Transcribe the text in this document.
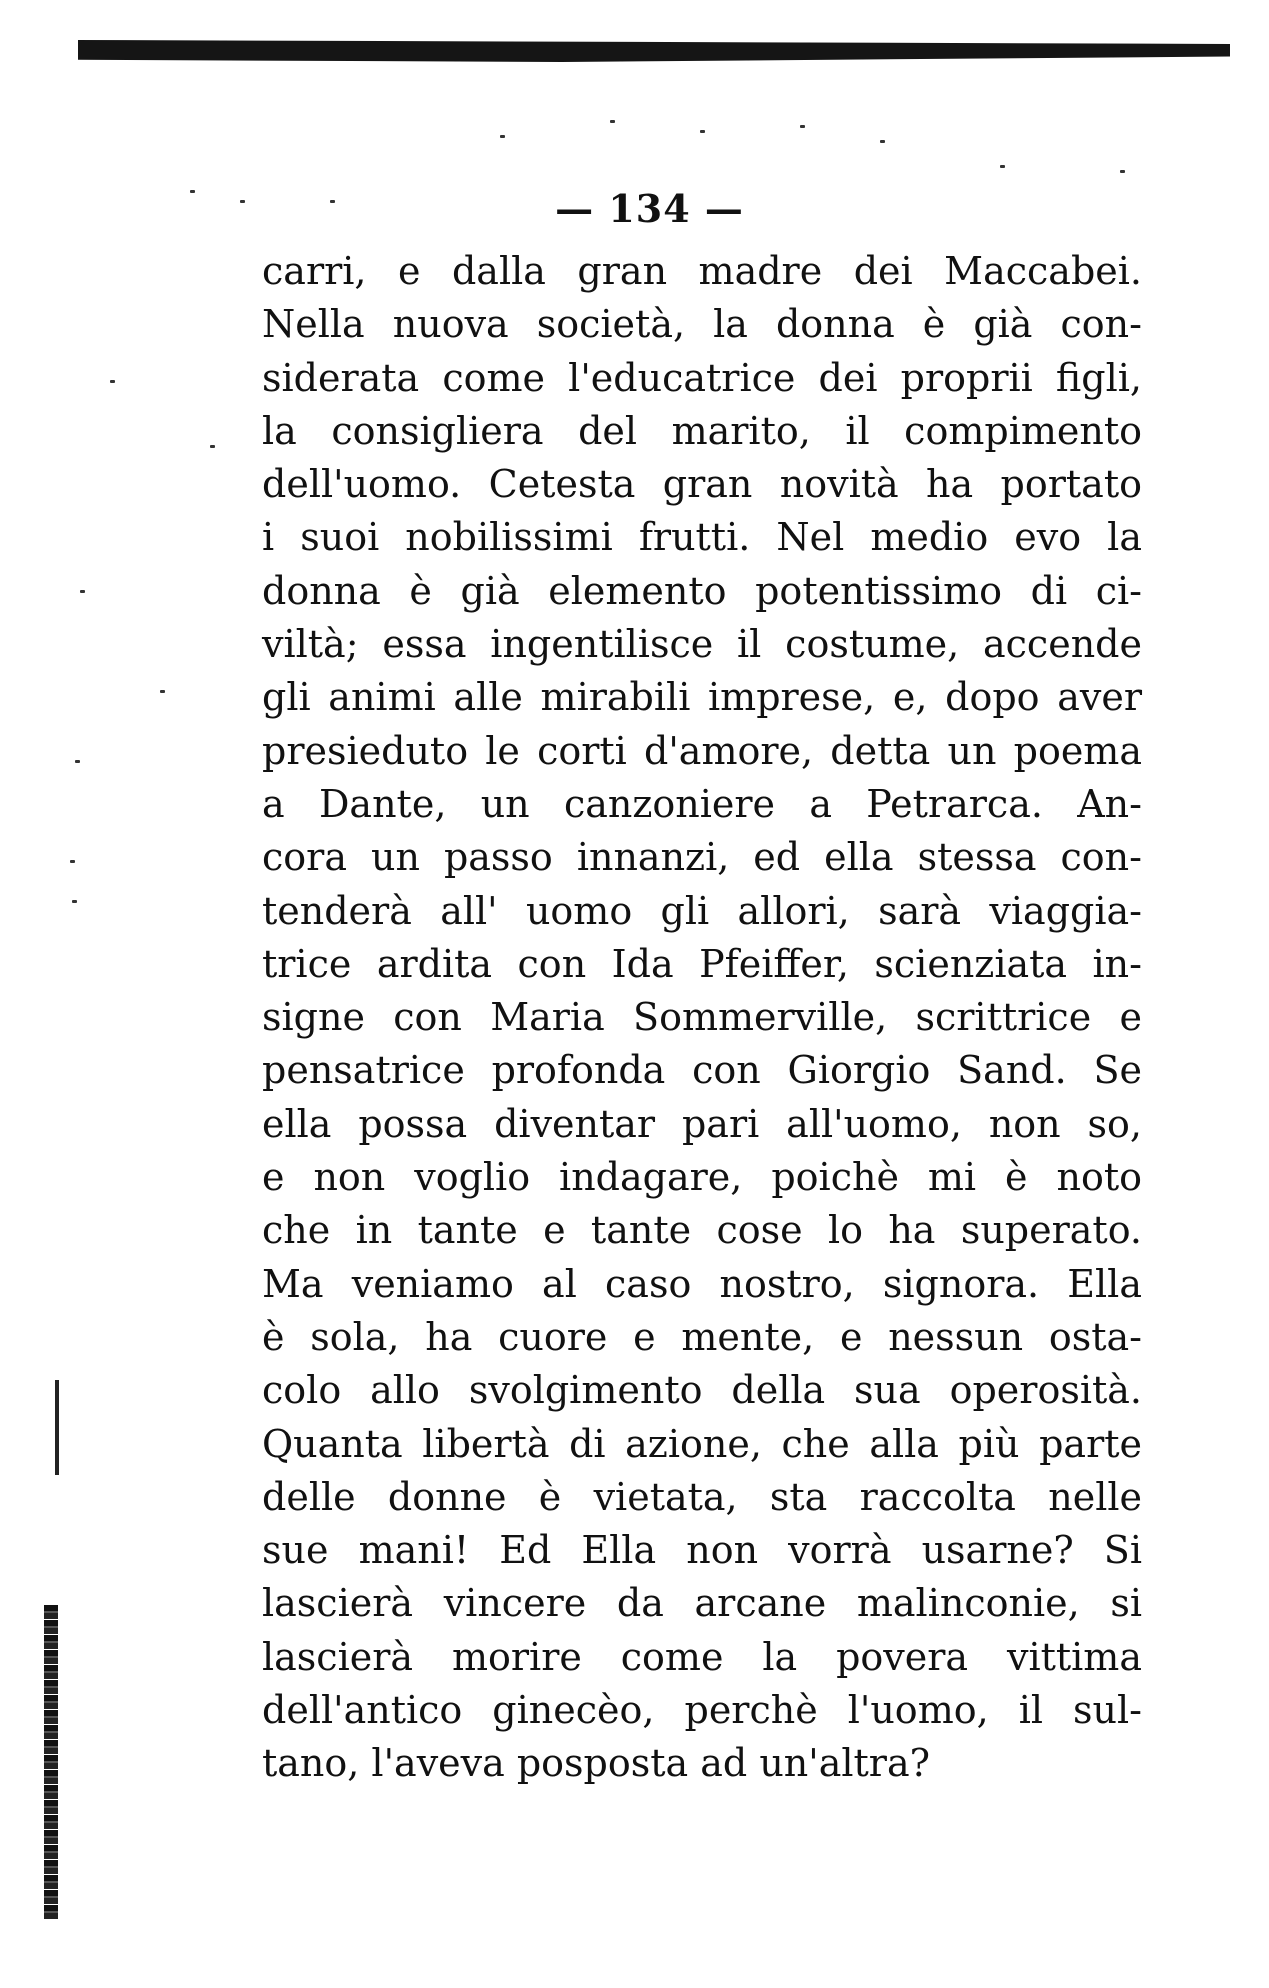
— 134 —
carri, e dalla gran madre dei Maccabei.
Nella nuova società, la donna è già con-
siderata come l'educatrice dei proprii figli,
la consigliera del marito, il compimento
dell'uomo. Cetesta gran novità ha portato
i suoi nobilissimi frutti. Nel medio evo la
donna è già elemento potentissimo di ci-
viltà; essa ingentilisce il costume, accende
gli animi alle mirabili imprese, e, dopo aver
presieduto le corti d'amore, detta un poema
a Dante, un canzoniere a Petrarca. An-
cora un passo innanzi, ed ella stessa con-
tenderà all' uomo gli allori, sarà viaggia-
trice ardita con Ida Pfeiffer, scienziata in-
signe con Maria Sommerville, scrittrice e
pensatrice profonda con Giorgio Sand. Se
ella possa diventar pari all'uomo, non so,
e non voglio indagare, poichè mi è noto
che in tante e tante cose lo ha superato.
Ma veniamo al caso nostro, signora. Ella
è sola, ha cuore e mente, e nessun osta-
colo allo svolgimento della sua operosità.
Quanta libertà di azione, che alla più parte
delle donne è vietata, sta raccolta nelle
sue mani! Ed Ella non vorrà usarne? Si
lascierà vincere da arcane malinconie, si
lascierà morire come la povera vittima
dell'antico ginecèo, perchè l'uomo, il sul-
tano, l'aveva posposta ad un'altra?
